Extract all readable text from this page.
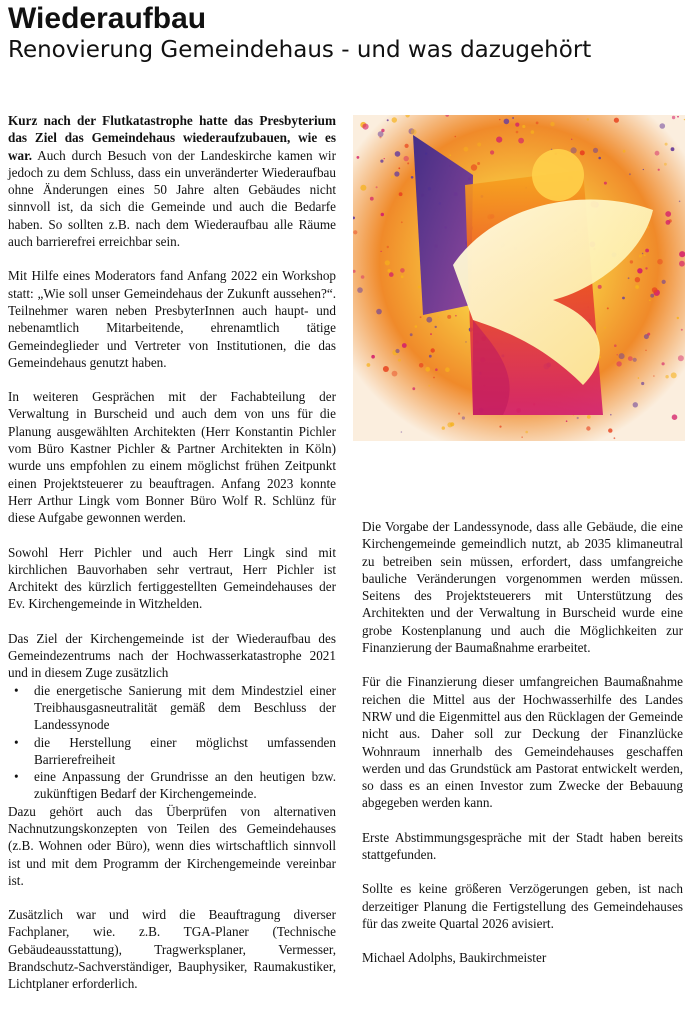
Wiederaufbau
Renovierung Gemeindehaus - und was dazugehört

Kurz nach der Flutkatastrophe hatte das Presbyterium das Ziel das Gemeindehaus wiederaufzubauen, wie es war. Auch durch Besuch von der Landeskirche kamen wir jedoch zu dem Schluss, dass ein unveränderter Wiederaufbau ohne Änderungen eines 50 Jahre alten Gebäudes nicht sinnvoll ist, da sich die Gemeinde und auch die Bedarfe haben. So sollten z.B. nach dem Wiederaufbau alle Räume auch barrierefrei erreichbar sein.

Mit Hilfe eines Moderators fand Anfang 2022 ein Workshop statt: „Wie soll unser Gemeindehaus der Zukunft aussehen?“. Teilnehmer waren neben PresbyterInnen auch haupt- und nebenamtlich Mitarbeitende, ehrenamtlich tätige Gemeindeglieder und Vertreter von Institutionen, die das Gemeindehaus genutzt haben.

In weiteren Gesprächen mit der Fachabteilung der Verwaltung in Burscheid und auch dem von uns für die Planung ausgewählten Architekten (Herr Konstantin Pichler vom Büro Kastner Pichler & Partner Architekten in Köln) wurde uns empfohlen zu einem möglichst frühen Zeitpunkt einen Projektsteuerer zu beauftragen. Anfang 2023 konnte Herr Arthur Lingk vom Bonner Büro Wolf R. Schlünz für diese Aufgabe gewonnen werden.

Sowohl Herr Pichler und auch Herr Lingk sind mit kirchlichen Bauvorhaben sehr vertraut, Herr Pichler ist Architekt des kürzlich fertiggestellten Gemeindehauses der Ev. Kirchengemeinde in Witzhelden.

Das Ziel der Kirchengemeinde ist der Wiederaufbau des Gemeindezentrums nach der Hochwasserkatastrophe 2021 und in diesem Zuge zusätzlich

• die energetische Sanierung mit dem Mindestziel einer Treibhausgasneutralität gemäß dem Beschluss der Landessynode
• die Herstellung einer möglichst umfassenden Barrierefreiheit
• eine Anpassung der Grundrisse an den heutigen bzw. zukünftigen Bedarf der Kirchengemeinde.

Dazu gehört auch das Überprüfen von alternativen Nachnutzungskonzepten von Teilen des Gemeindehauses (z.B. Wohnen oder Büro), wenn dies wirtschaftlich sinnvoll ist und mit dem Programm der Kirchengemeinde vereinbar ist.

Zusätzlich war und wird die Beauftragung diverser Fachplaner, wie. z.B. TGA-Planer (Technische Gebäudeausstattung), Tragwerksplaner, Vermesser, Brandschutz-Sachverständiger, Bauphysiker, Raumakustiker, Lichtplaner erforderlich.

Die Vorgabe der Landessynode, dass alle Gebäude, die eine Kirchengemeinde gemeindlich nutzt, ab 2035 klimaneutral zu betreiben sein müssen, erfordert, dass umfangreiche bauliche Veränderungen vorgenommen werden müssen. Seitens des Projektsteuerers mit Unterstützung des Architekten und der Verwaltung in Burscheid wurde eine grobe Kostenplanung und auch die Möglichkeiten zur Finanzierung der Baumaßnahme erarbeitet.

Für die Finanzierung dieser umfangreichen Baumaßnahme reichen die Mittel aus der Hochwasserhilfe des Landes NRW und die Eigenmittel aus den Rücklagen der Gemeinde nicht aus. Daher soll zur Deckung der Finanzlücke Wohnraum innerhalb des Gemeindehauses geschaffen werden und das Grundstück am Pastorat entwickelt werden, so dass es an einen Investor zum Zwecke der Bebauung abgegeben werden kann.

Erste Abstimmungsgespräche mit der Stadt haben bereits stattgefunden.

Sollte es keine größeren Verzögerungen geben, ist nach derzeitiger Planung die Fertigstellung des Gemeindehauses für das zweite Quartal 2026 avisiert.

Michael Adolphs, Baukirchmeister
